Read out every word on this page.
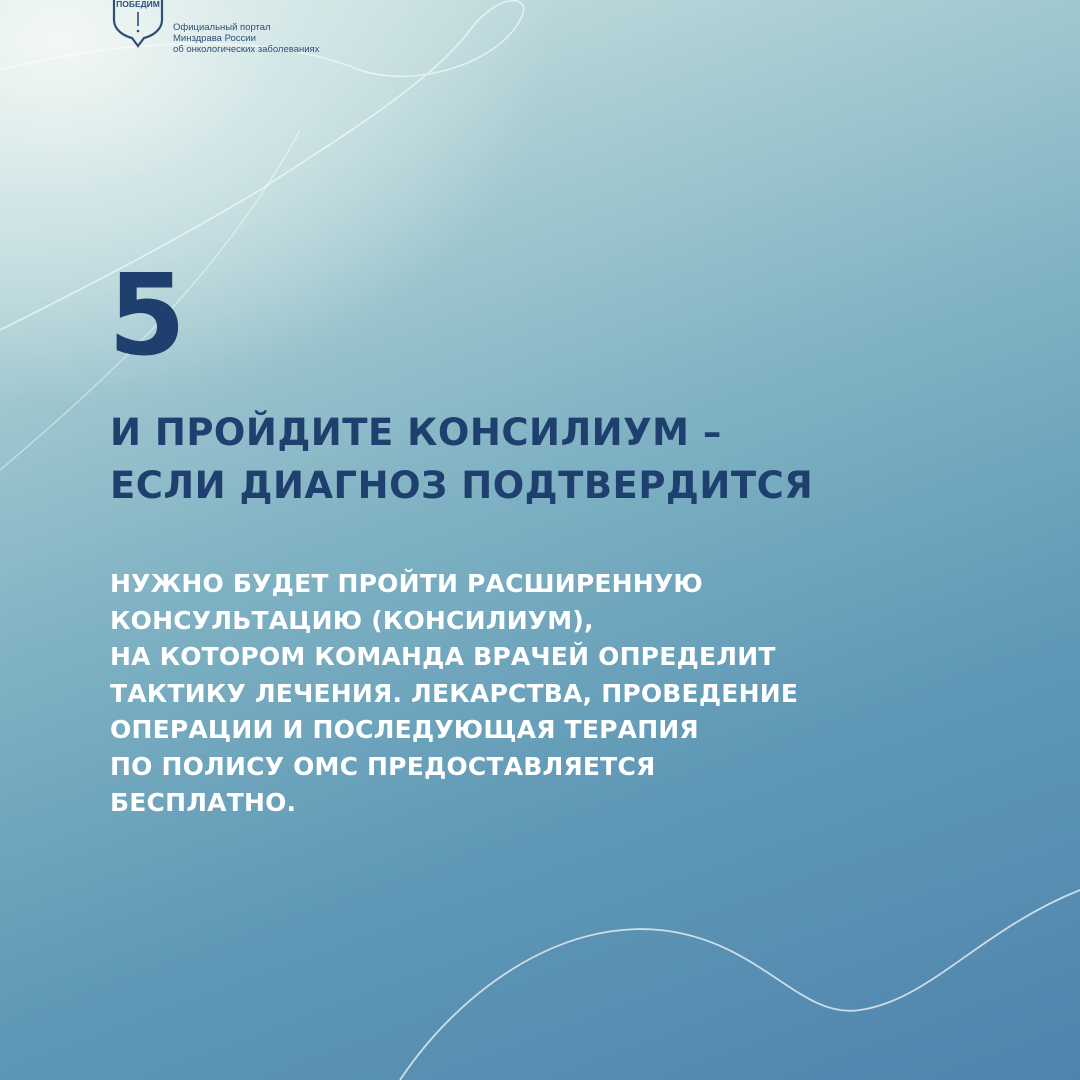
ПОБЕДИМ
Официальный портал
Минздрава России
об онкологических заболеваниях
5
И ПРОЙДИТЕ КОНСИЛИУМ –
ЕСЛИ ДИАГНОЗ ПОДТВЕРДИТСЯ
НУЖНО БУДЕТ ПРОЙТИ РАСШИРЕННУЮ
КОНСУЛЬТАЦИЮ (КОНСИЛИУМ),
НА КОТОРОМ КОМАНДА ВРАЧЕЙ ОПРЕДЕЛИТ
ТАКТИКУ ЛЕЧЕНИЯ. ЛЕКАРСТВА, ПРОВЕДЕНИЕ
ОПЕРАЦИИ И ПОСЛЕДУЮЩАЯ ТЕРАПИЯ
ПО ПОЛИСУ ОМС ПРЕДОСТАВЛЯЕТСЯ
БЕСПЛАТНО.
